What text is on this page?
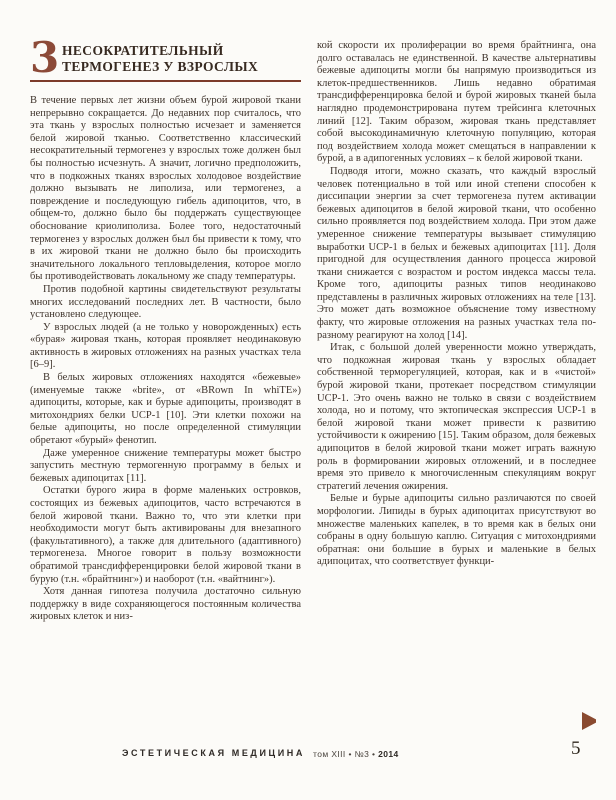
3 НЕСОКРАТИТЕЛЬНЫЙ
ТЕРМОГЕНЕЗ У ВЗРОСЛЫХ

В течение первых лет жизни объем бурой жировой ткани непрерывно сокращается. До недавних пор считалось, что эта ткань у взрослых полностью исчезает и заменяется белой жировой тканью. Соответственно классический несократительный термогенез у взрослых тоже должен был бы полностью исчезнуть. А значит, логично предположить, что в подкожных тканях взрослых холодовое воздействие должно вызывать не липолиза, или термогенез, а повреждение и последующую гибель адипоцитов, что, в общем-то, должно было бы поддержать существующее обоснование криолиполиза. Более того, недостаточный термогенез у взрослых должен был бы привести к тому, что в их жировой ткани не должно было бы происходить значительного локального тепловыделения, которое могло бы противодействовать локальному же спаду температуры.

Против подобной картины свидетельствуют результаты многих исследований последних лет. В частности, было установлено следующее.

У взрослых людей (а не только у новорожденных) есть «бурая» жировая ткань, которая проявляет неодинаковую активность в жировых отложениях на разных участках тела [6–9].

В белых жировых отложениях находятся «бежевые» (именуемые также «brite», от «BRown In whiTE») адипоциты, которые, как и бурые адипоциты, производят в митохондриях белки UCP-1 [10]. Эти клетки похожи на белые адипоциты, но после определенной стимуляции обретают «бурый» фенотип.

Даже умеренное снижение температуры может быстро запустить местную термогенную программу в белых и бежевых адипоцитах [11].

Остатки бурого жира в форме маленьких островков, состоящих из бежевых адипоцитов, часто встречаются в белой жировой ткани. Важно то, что эти клетки при необходимости могут быть активированы для внезапного (факультативного), а также для длительного (адаптивного) термогенеза. Многое говорит в пользу возможности обратимой трансдифференцировки белой жировой ткани в бурую (т.н. «брайтнинг») и наоборот (т.н. «вайтнинг»).

Хотя данная гипотеза получила достаточно сильную поддержку в виде сохраняющегося постоянным количества жировых клеток и низ-

кой скорости их пролиферации во время брайтнинга, она долго оставалась не единственной. В качестве альтернативы бежевые адипоциты могли бы напрямую производиться из клеток-предшественников. Лишь недавно обратимая трансдифференцировка белой и бурой жировых тканей была наглядно продемонстрирована путем трейсинга клеточных линий [12]. Таким образом, жировая ткань представляет собой высокодинамичную клеточную популяцию, которая под воздействием холода может смещаться в направлении к бурой, а в адипогенных условиях – к белой жировой ткани.

Подводя итоги, можно сказать, что каждый взрослый человек потенциально в той или иной степени способен к диссипации энергии за счет термогенеза путем активации бежевых адипоцитов в белой жировой ткани, что особенно сильно проявляется под воздействием холода. При этом даже умеренное снижение температуры вызывает стимуляцию выработки UCP-1 в белых и бежевых адипоцитах [11]. Доля пригодной для осуществления данного процесса жировой ткани снижается с возрастом и ростом индекса массы тела. Кроме того, адипоциты разных типов неодинаково представлены в различных жировых отложениях на теле [13]. Это может дать возможное объяснение тому известному факту, что жировые отложения на разных участках тела по-разному реагируют на холод [14].

Итак, с большой долей уверенности можно утверждать, что подкожная жировая ткань у взрослых обладает собственной терморегуляцией, которая, как и в «чистой» бурой жировой ткани, протекает посредством стимуляции UCP-1. Это очень важно не только в связи с воздействием холода, но и потому, что эктопическая экспрессия UCP-1 в белой жировой ткани может привести к развитию устойчивости к ожирению [15]. Таким образом, доля бежевых адипоцитов в белой жировой ткани может играть важную роль в формировании жировых отложений, и в последнее время это привело к многочисленным спекуляциям вокруг стратегий лечения ожирения.

Белые и бурые адипоциты сильно различаются по своей морфологии. Липиды в бурых адипоцитах присутствуют во множестве маленьких капелек, в то время как в белых они собраны в одну большую каплю. Ситуация с митохондриями обратная: они большие в бурых и маленькие в белых адипоцитах, что соответствует функци-

ЭСТЕТИЧЕСКАЯ МЕДИЦИНА том XIII • №3 • 2014	5
